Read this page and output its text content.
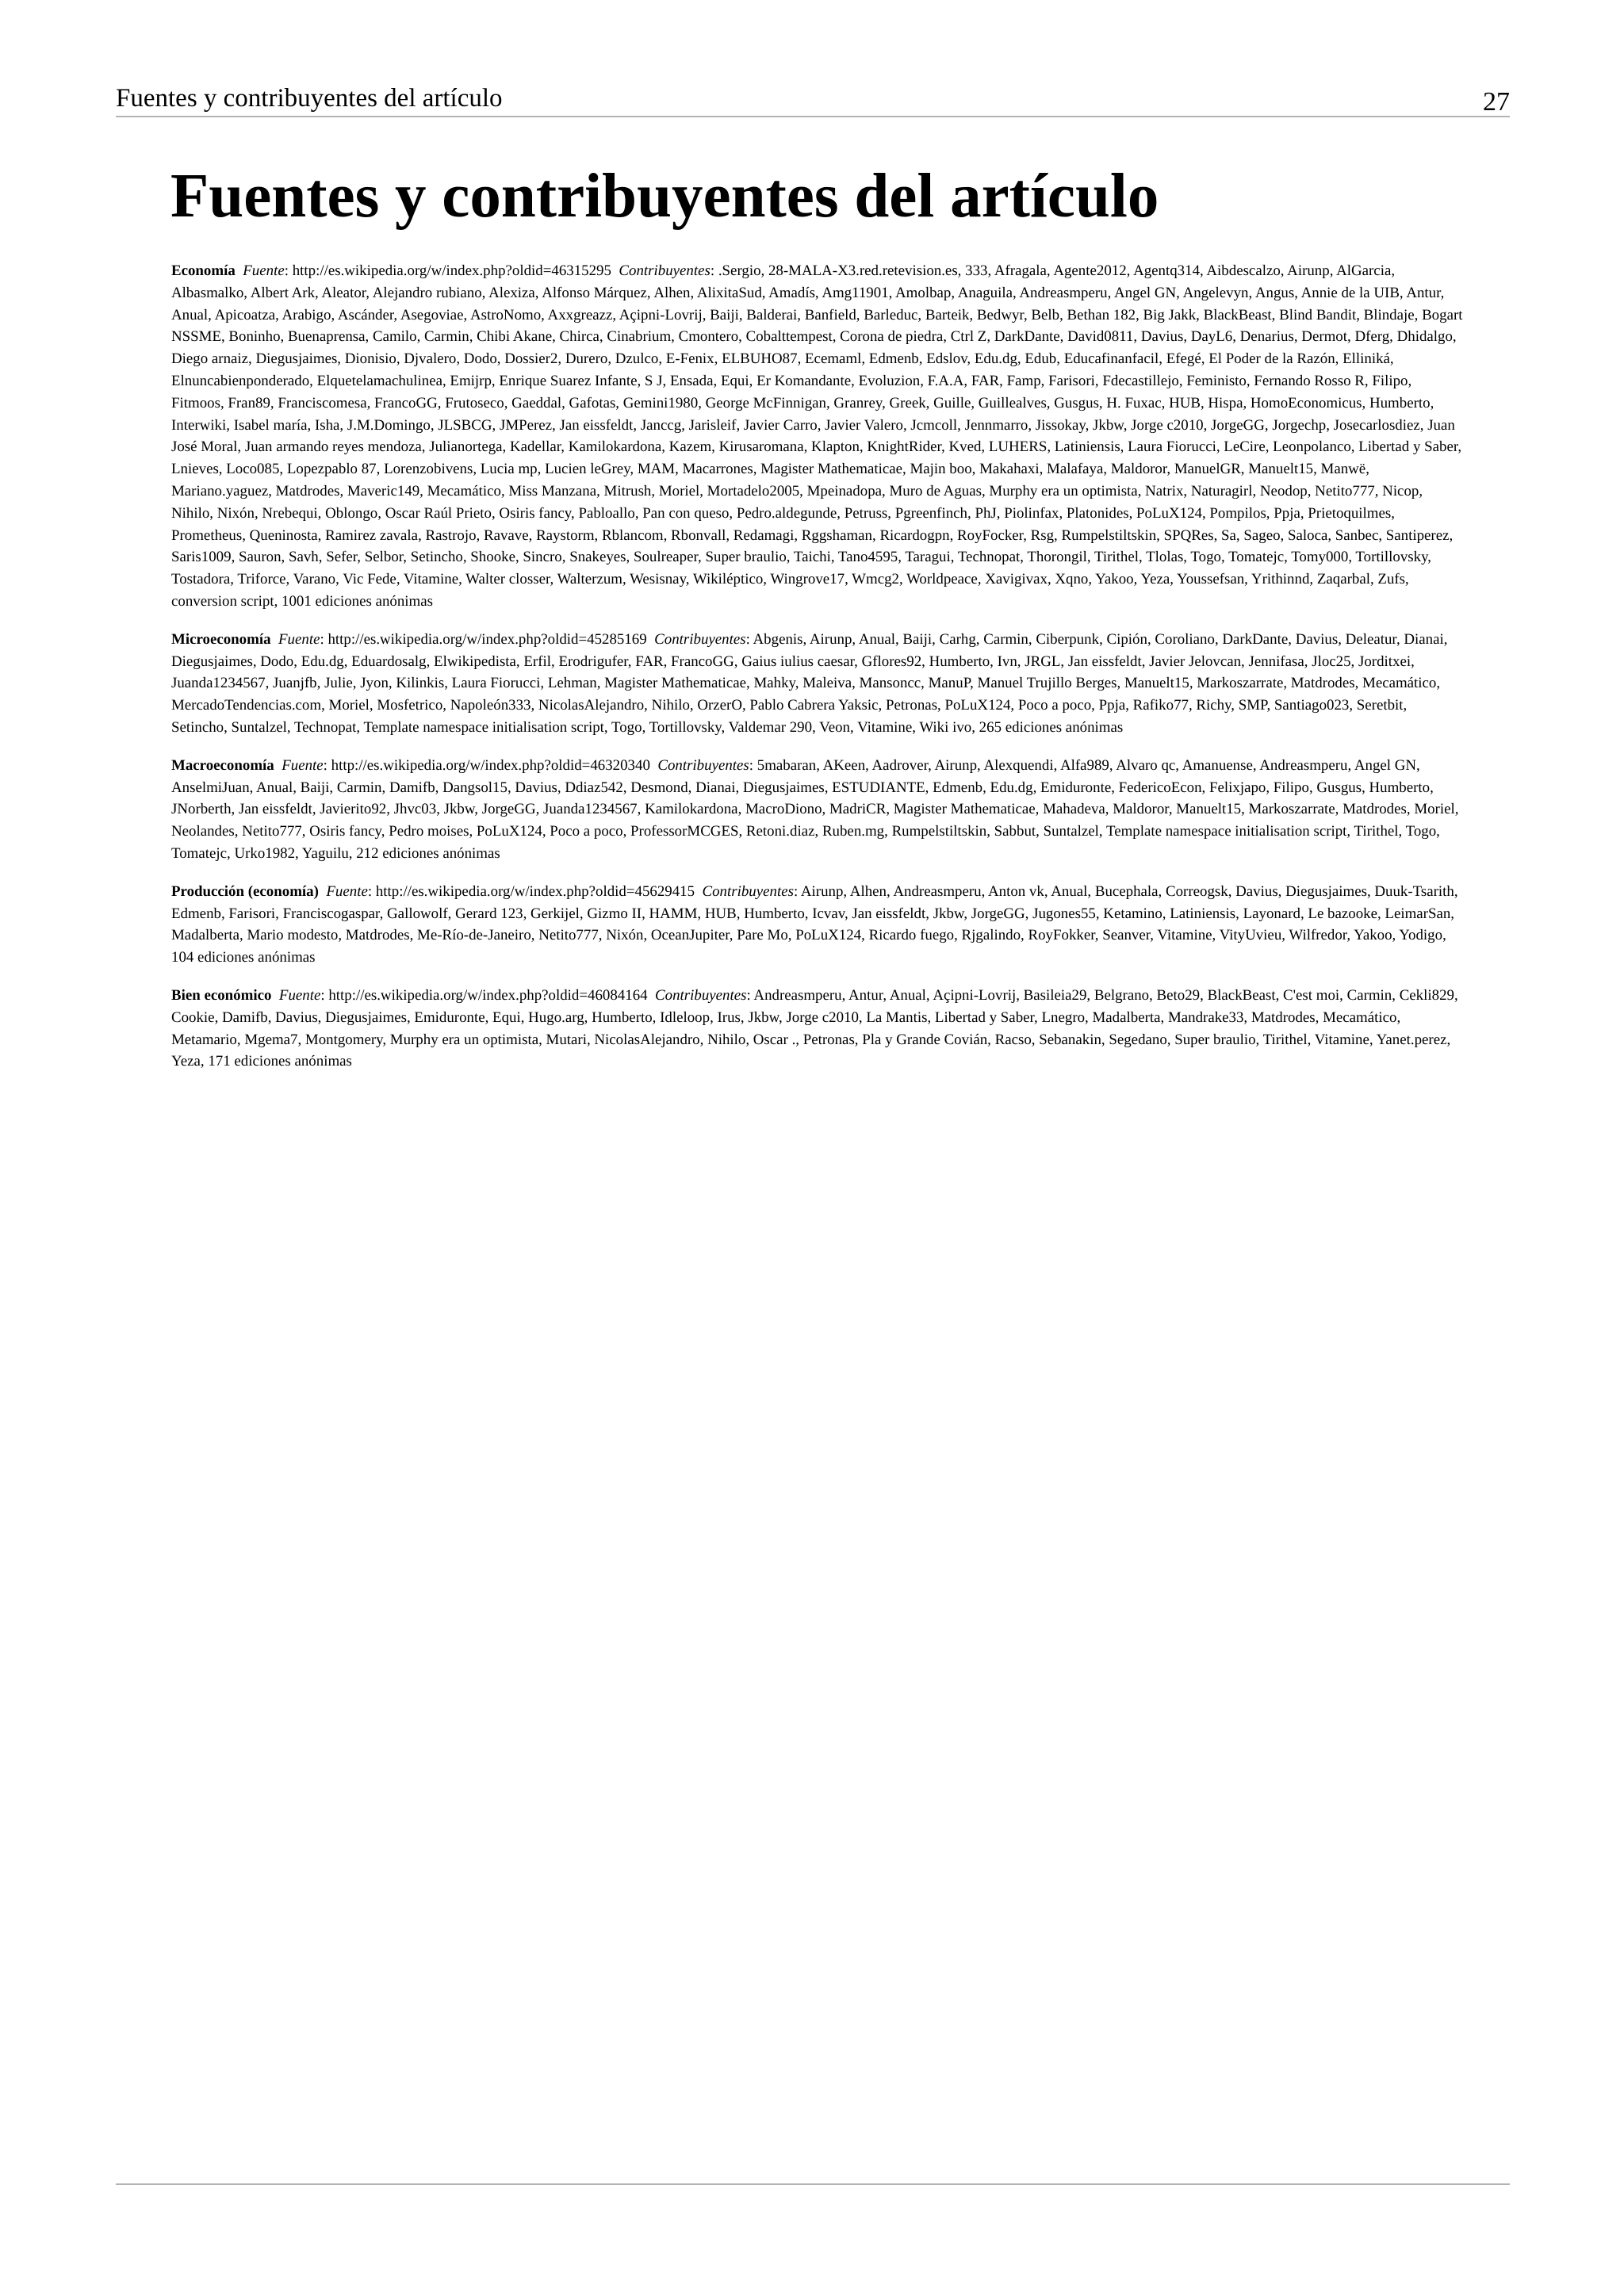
Fuentes y contribuyentes del artículo	27
Fuentes y contribuyentes del artículo

Economía Fuente: http://es.wikipedia.org/w/index.php?oldid=46315295 Contribuyentes: .Sergio, 28-MALA-X3.red.retevision.es, 333, Afragala, Agente2012, Agentq314, Aibdescalzo, Airunp, AlGarcia, Albasmalko, Albert Ark, Aleator, Alejandro rubiano, Alexiza, Alfonso Márquez, Alhen, AlixitaSud, Amadís, Amg11901, Amolbap, Anaguila, Andreasmperu, Angel GN, Angelevyn, Angus, Annie de la UIB, Antur, Anual, Apicoatza, Arabigo, Ascánder, Asegoviae, AstroNomo, Axxgreazz, Açipni-Lovrij, Baiji, Balderai, Banfield, Barleduc, Barteik, Bedwyr, Belb, Bethan 182, Big Jakk, BlackBeast, Blind Bandit, Blindaje, Bogart NSSME, Boninho, Buenaprensa, Camilo, Carmin, Chibi Akane, Chirca, Cinabrium, Cmontero, Cobalttempest, Corona de piedra, Ctrl Z, DarkDante, David0811, Davius, DayL6, Denarius, Dermot, Dferg, Dhidalgo, Diego arnaiz, Diegusjaimes, Dionisio, Djvalero, Dodo, Dossier2, Durero, Dzulco, E-Fenix, ELBUHO87, Ecemaml, Edmenb, Edslov, Edu.dg, Edub, Educafinanfacil, Efegé, El Poder de la Razón, Elliniká, Elnuncabienponderado, Elquetelamachulinea, Emijrp, Enrique Suarez Infante, S J, Ensada, Equi, Er Komandante, Evoluzion, F.A.A, FAR, Famp, Farisori, Fdecastillejo, Feministo, Fernando Rosso R, Filipo, Fitmoos, Fran89, Franciscomesa, FrancoGG, Frutoseco, Gaeddal, Gafotas, Gemini1980, George McFinnigan, Granrey, Greek, Guille, Guillealves, Gusgus, H. Fuxac, HUB, Hispa, HomoEconomicus, Humberto, Interwiki, Isabel maría, Isha, J.M.Domingo, JLSBCG, JMPerez, Jan eissfeldt, Janccg, Jarisleif, Javier Carro, Javier Valero, Jcmcoll, Jennmarro, Jissokay, Jkbw, Jorge c2010, JorgeGG, Jorgechp, Josecarlosdiez, Juan José Moral, Juan armando reyes mendoza, Julianortega, Kadellar, Kamilokardona, Kazem, Kirusaromana, Klapton, KnightRider, Kved, LUHERS, Latiniensis, Laura Fiorucci, LeCire, Leonpolanco, Libertad y Saber, Lnieves, Loco085, Lopezpablo 87, Lorenzobivens, Lucia mp, Lucien leGrey, MAM, Macarrones, Magister Mathematicae, Majin boo, Makahaxi, Malafaya, Maldoror, ManuelGR, Manuelt15, Manwë, Mariano.yaguez, Matdrodes, Maveric149, Mecamático, Miss Manzana, Mitrush, Moriel, Mortadelo2005, Mpeinadopa, Muro de Aguas, Murphy era un optimista, Natrix, Naturagirl, Neodop, Netito777, Nicop, Nihilo, Nixón, Nrebequi, Oblongo, Oscar Raúl Prieto, Osiris fancy, Pabloallo, Pan con queso, Pedro.aldegunde, Petruss, Pgreenfinch, PhJ, Piolinfax, Platonides, PoLuX124, Pompilos, Ppja, Prietoquilmes, Prometheus, Queninosta, Ramirez zavala, Rastrojo, Ravave, Raystorm, Rblancom, Rbonvall, Redamagi, Rggshaman, Ricardogpn, RoyFocker, Rsg, Rumpelstiltskin, SPQRes, Sa, Sageo, Saloca, Sanbec, Santiperez, Saris1009, Sauron, Savh, Sefer, Selbor, Setincho, Shooke, Sincro, Snakeyes, Soulreaper, Super braulio, Taichi, Tano4595, Taragui, Technopat, Thorongil, Tirithel, Tlolas, Togo, Tomatejc, Tomy000, Tortillovsky, Tostadora, Triforce, Varano, Vic Fede, Vitamine, Walter closser, Walterzum, Wesisnay, Wikiléptico, Wingrove17, Wmcg2, Worldpeace, Xavigivax, Xqno, Yakoo, Yeza, Youssefsan, Yrithinnd, Zaqarbal, Zufs, conversion script, 1001 ediciones anónimas

Microeconomía Fuente: http://es.wikipedia.org/w/index.php?oldid=45285169 Contribuyentes: Abgenis, Airunp, Anual, Baiji, Carhg, Carmin, Ciberpunk, Cipión, Coroliano, DarkDante, Davius, Deleatur, Dianai, Diegusjaimes, Dodo, Edu.dg, Eduardosalg, Elwikipedista, Erfil, Erodrigufer, FAR, FrancoGG, Gaius iulius caesar, Gflores92, Humberto, Ivn, JRGL, Jan eissfeldt, Javier Jelovcan, Jennifasa, Jloc25, Jorditxei, Juanda1234567, Juanjfb, Julie, Jyon, Kilinkis, Laura Fiorucci, Lehman, Magister Mathematicae, Mahky, Maleiva, Mansoncc, ManuP, Manuel Trujillo Berges, Manuelt15, Markoszarrate, Matdrodes, Mecamático, MercadoTendencias.com, Moriel, Mosfetrico, Napoleón333, NicolasAlejandro, Nihilo, OrzerO, Pablo Cabrera Yaksic, Petronas, PoLuX124, Poco a poco, Ppja, Rafiko77, Richy, SMP, Santiago023, Seretbit, Setincho, Suntalzel, Technopat, Template namespace initialisation script, Togo, Tortillovsky, Valdemar 290, Veon, Vitamine, Wiki ivo, 265 ediciones anónimas

Macroeconomía Fuente: http://es.wikipedia.org/w/index.php?oldid=46320340 Contribuyentes: 5mabaran, AKeen, Aadrover, Airunp, Alexquendi, Alfa989, Alvaro qc, Amanuense, Andreasmperu, Angel GN, AnselmiJuan, Anual, Baiji, Carmin, Damifb, Dangsol15, Davius, Ddiaz542, Desmond, Dianai, Diegusjaimes, ESTUDIANTE, Edmenb, Edu.dg, Emiduronte, FedericoEcon, Felixjapo, Filipo, Gusgus, Humberto, JNorberth, Jan eissfeldt, Javierito92, Jhvc03, Jkbw, JorgeGG, Juanda1234567, Kamilokardona, MacroDiono, MadriCR, Magister Mathematicae, Mahadeva, Maldoror, Manuelt15, Markoszarrate, Matdrodes, Moriel, Neolandes, Netito777, Osiris fancy, Pedro moises, PoLuX124, Poco a poco, ProfessorMCGES, Retoni.diaz, Ruben.mg, Rumpelstiltskin, Sabbut, Suntalzel, Template namespace initialisation script, Tirithel, Togo, Tomatejc, Urko1982, Yaguilu, 212 ediciones anónimas

Producción (economía) Fuente: http://es.wikipedia.org/w/index.php?oldid=45629415 Contribuyentes: Airunp, Alhen, Andreasmperu, Anton vk, Anual, Bucephala, Correogsk, Davius, Diegusjaimes, Duuk-Tsarith, Edmenb, Farisori, Franciscogaspar, Gallowolf, Gerard 123, Gerkijel, Gizmo II, HAMM, HUB, Humberto, Icvav, Jan eissfeldt, Jkbw, JorgeGG, Jugones55, Ketamino, Latiniensis, Layonard, Le bazooke, LeimarSan, Madalberta, Mario modesto, Matdrodes, Me-Río-de-Janeiro, Netito777, Nixón, OceanJupiter, Pare Mo, PoLuX124, Ricardo fuego, Rjgalindo, RoyFokker, Seanver, Vitamine, VityUvieu, Wilfredor, Yakoo, Yodigo, 104 ediciones anónimas

Bien económico Fuente: http://es.wikipedia.org/w/index.php?oldid=46084164 Contribuyentes: Andreasmperu, Antur, Anual, Açipni-Lovrij, Basileia29, Belgrano, Beto29, BlackBeast, C'est moi, Carmin, Cekli829, Cookie, Damifb, Davius, Diegusjaimes, Emiduronte, Equi, Hugo.arg, Humberto, Idleloop, Irus, Jkbw, Jorge c2010, La Mantis, Libertad y Saber, Lnegro, Madalberta, Mandrake33, Matdrodes, Mecamático, Metamario, Mgema7, Montgomery, Murphy era un optimista, Mutari, NicolasAlejandro, Nihilo, Oscar ., Petronas, Pla y Grande Covián, Racso, Sebanakin, Segedano, Super braulio, Tirithel, Vitamine, Yanet.perez, Yeza, 171 ediciones anónimas
